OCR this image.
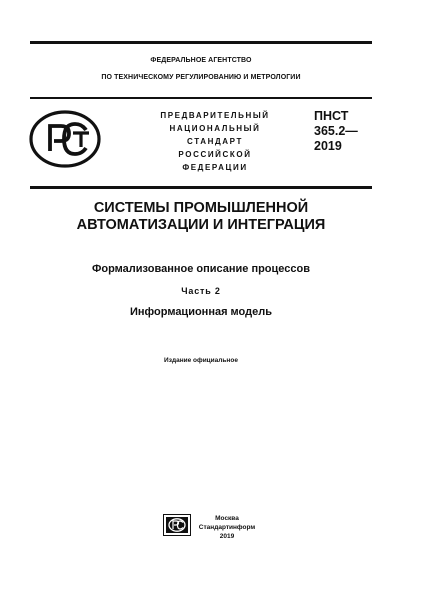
ФЕДЕРАЛЬНОЕ АГЕНТСТВО
ПО ТЕХНИЧЕСКОМУ РЕГУЛИРОВАНИЮ И МЕТРОЛОГИИ
ПРЕДВАРИТЕЛЬНЫЙ
НАЦИОНАЛЬНЫЙ
СТАНДАРТ
РОССИЙСКОЙ
ФЕДЕРАЦИИ
ПНСТ
365.2—
2019
СИСТЕМЫ ПРОМЫШЛЕННОЙ
АВТОМАТИЗАЦИИ И ИНТЕГРАЦИЯ
Формализованное описание процессов
Часть 2
Информационная модель
Издание официальное
Москва
Стандартинформ
2019
